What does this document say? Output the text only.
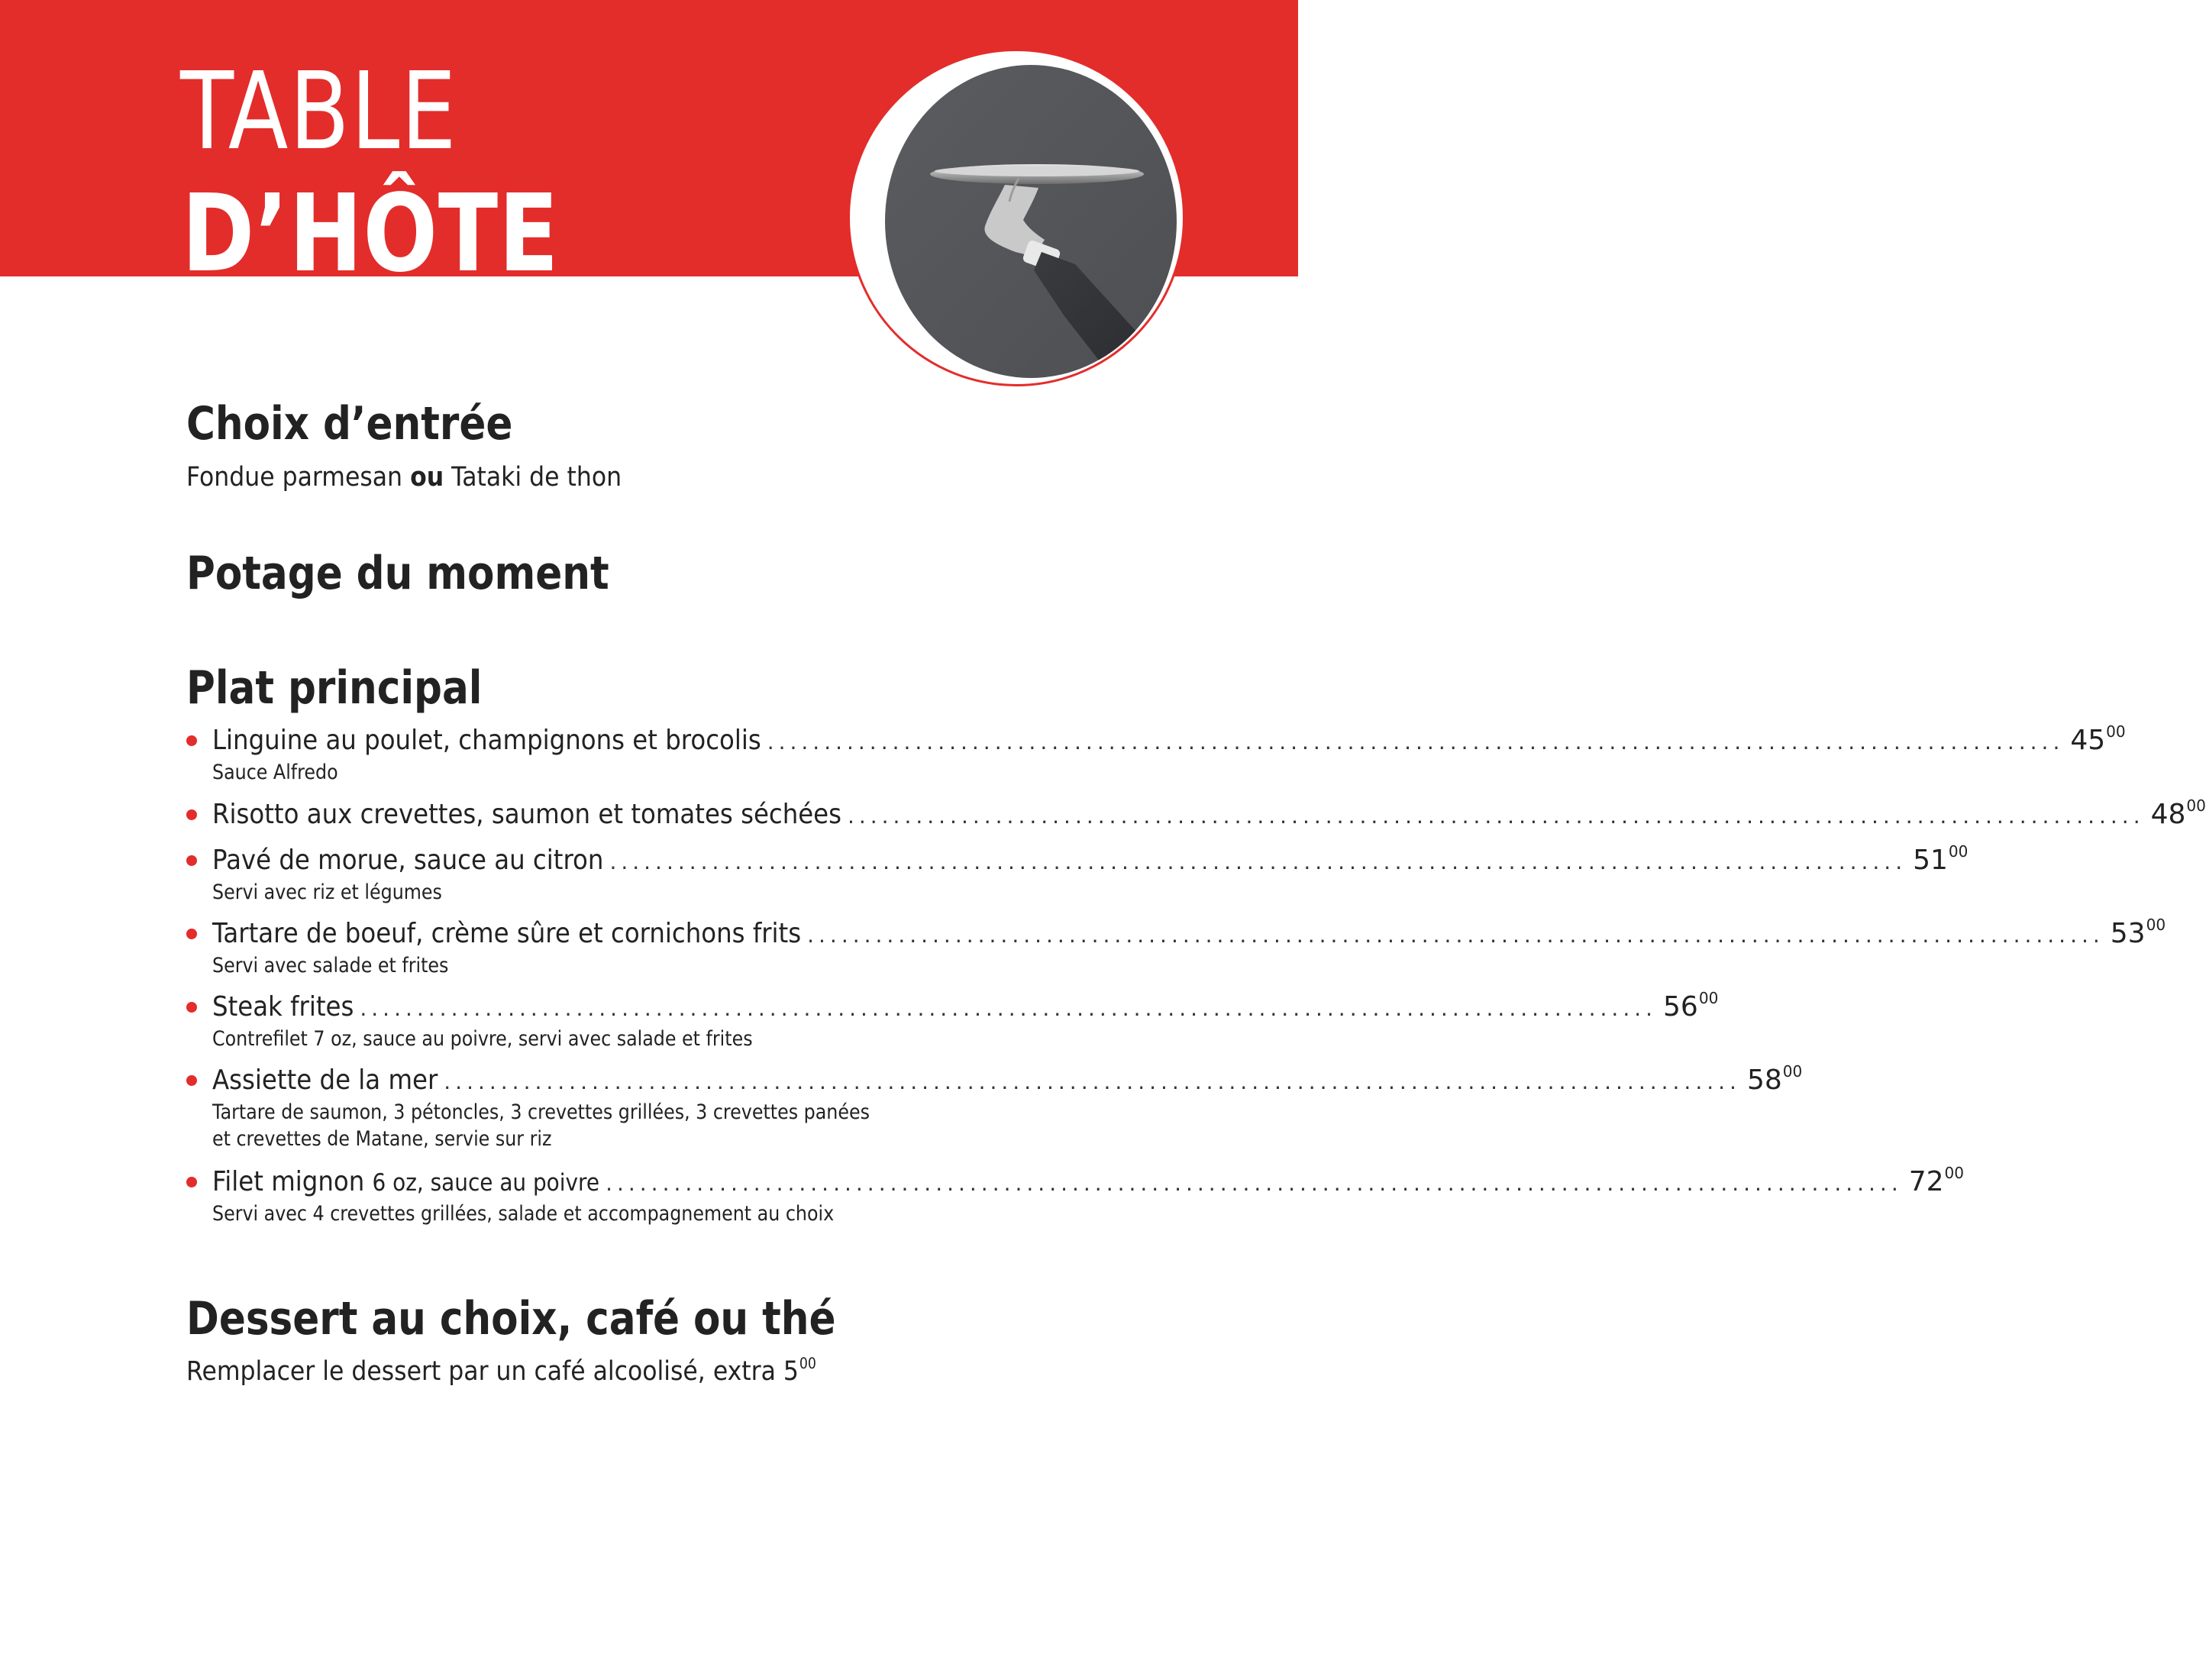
TABLE
D’HÔTE
Choix d’entrée

Fondue parmesan ou Tataki de thon

Potage du moment
Plat principal
Linguine au poulet, champignons et brocolis .................................................................................................................. $45^{00}$

Sauce Alfredo

Risotto aux crevettes, saumon et tomates séchées .................................................................................................................. $48^{00}$
Pavé de morue, sauce au citron .................................................................................................................. $51^{00}$

Servi avec riz et légumes

Tartare de boeuf, crème sûre et cornichons frits .................................................................................................................. $53^{00}$

Servi avec salade et frites

Steak frites .................................................................................................................. $56^{00}$

Contrefilet 7 oz, sauce au poivre, servi avec salade et frites

Assiette de la mer .................................................................................................................. $58^{00}$

Tartare de saumon, 3 pétoncles, 3 crevettes grillées, 3 crevettes panées

et crevettes de Matane, servie sur riz

Filet mignon 6 oz, sauce au poivre .................................................................................................................. $72^{00}$

Servi avec 4 crevettes grillées, salade et accompagnement au choix

Dessert au choix, café ou thé

Remplacer le dessert par un café alcoolisé, extra $5^{00}$
